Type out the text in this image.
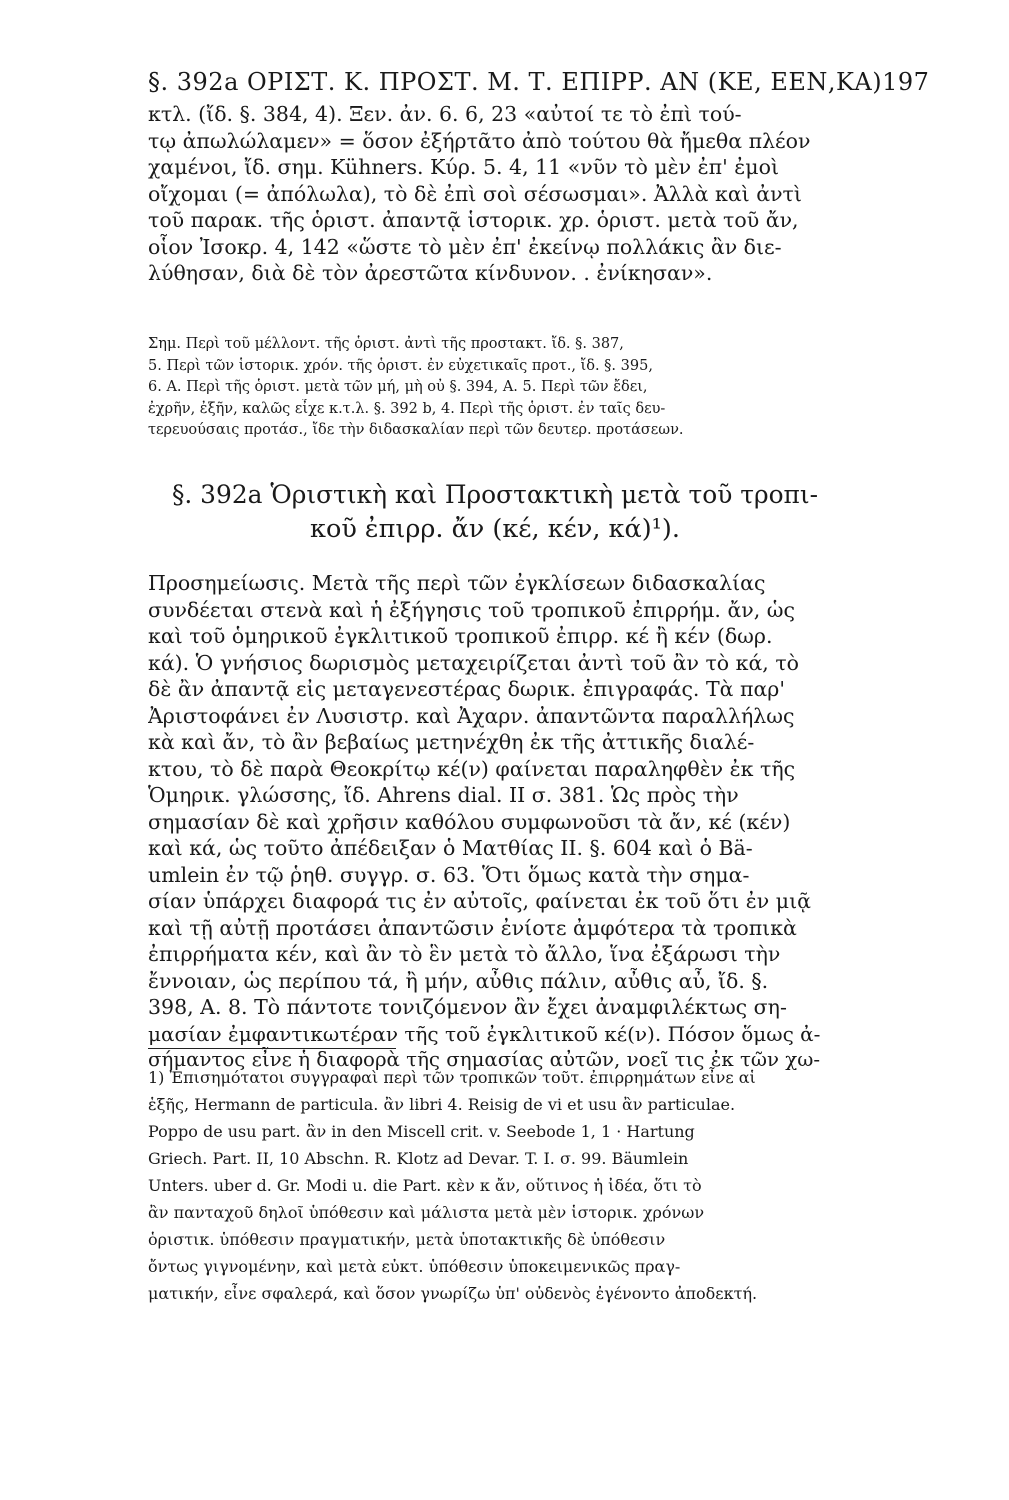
§. 392a ΟΡΙΣΤ. Κ. ΠΡΟΣΤ. Μ. Τ. ΕΠΙΡΡ. ΑΝ (ΚΕ, ΕΕΝ,ΚΑ) 197
κτλ. (ἴδ. §. 384, 4). Ξεν. ἀν. 6. 6, 23 «αὐτοί τε τὸ ἐπὶ τού-
τῳ ἀπωλώλαμεν» = ὅσον ἐξήρτᾶτο ἀπὸ τούτου θὰ ἤμεθα πλέον
χαμένοι, ἴδ. σημ. Kühners. Κύρ. 5. 4, 11 «νῦν τὸ μὲν ἐπ' ἐμοὶ
οἴχομαι (= ἀπόλωλα), τὸ δὲ ἐπὶ σοὶ σέσωσμαι». Ἀλλὰ καὶ ἀντὶ
τοῦ παρακ. τῆς ὁριστ. ἀπαντᾷ ἱστορικ. χρ. ὁριστ. μετὰ τοῦ ἄν,
οἷον Ἰσοκρ. 4, 142 «ὥστε τὸ μὲν ἐπ' ἐκείνῳ πολλάκις ἂν διε-
λύθησαν, διὰ δὲ τὸν ἀρεστῶτα κίνδυνον. . ἐνίκησαν».
Σημ. Περὶ τοῦ μέλλοντ. τῆς ὁριστ. ἀντὶ τῆς προστακτ. ἴδ. §. 387,
5. Περὶ τῶν ἱστορικ. χρόν. τῆς ὁριστ. ἐν εὐχετικαῖς προτ., ἴδ. §. 395,
6. Α. Περὶ τῆς ὁριστ. μετὰ τῶν μή, μὴ οὐ §. 394, Α. 5. Περὶ τῶν ἔδει,
ἐχρῆν, ἐξῆν, καλῶς εἶχε κ.τ.λ. §. 392 b, 4. Περὶ τῆς ὁριστ. ἐν ταῖς δευ-
τερευούσαις προτάσ., ἴδε τὴν διδασκαλίαν περὶ τῶν δευτερ. προτάσεων.
§. 392a Ὁριστικὴ καὶ Προστακτικὴ μετὰ τοῦ τροπι-
κοῦ ἐπιρρ. ἄν (κέ, κέν, κά)¹).
Προσημείωσις. Μετὰ τῆς περὶ τῶν ἐγκλίσεων διδασκαλίας
συνδέεται στενὰ καὶ ἡ ἐξήγησις τοῦ τροπικοῦ ἐπιρρήμ. ἄν, ὡς
καὶ τοῦ ὁμηρικοῦ ἐγκλιτικοῦ τροπικοῦ ἐπιρρ. κέ ἢ κέν (δωρ.
κά). Ὁ γνήσιος δωρισμὸς μεταχειρίζεται ἀντὶ τοῦ ἂν τὸ κά, τὸ
δὲ ἂν ἀπαντᾷ εἰς μεταγενεστέρας δωρικ. ἐπιγραφάς. Τὰ παρ'
Ἀριστοφάνει ἐν Λυσιστρ. καὶ Ἀχαρν. ἀπαντῶντα παραλλήλως
κὰ καὶ ἄν, τὸ ἂν βεβαίως μετηνέχθη ἐκ τῆς ἀττικῆς διαλέ-
κτου, τὸ δὲ παρὰ Θεοκρίτῳ κέ(ν) φαίνεται παραληφθὲν ἐκ τῆς
Ὁμηρικ. γλώσσης, ἴδ. Ahrens dial. II σ. 381. Ὡς πρὸς τὴν
σημασίαν δὲ καὶ χρῆσιν καθόλου συμφωνοῦσι τὰ ἄν, κέ (κέν)
καὶ κά, ὡς τοῦτο ἀπέδειξαν ὁ Ματθίας II. §. 604 καὶ ὁ Bä-
umlein ἐν τῷ ῥηθ. συγγρ. σ. 63. Ὅτι ὅμως κατὰ τὴν σημα-
σίαν ὑπάρχει διαφορά τις ἐν αὐτοῖς, φαίνεται ἐκ τοῦ ὅτι ἐν μιᾷ
καὶ τῇ αὐτῇ προτάσει ἀπαντῶσιν ἐνίοτε ἀμφότερα τὰ τροπικὰ
ἐπιρρήματα κέν, καὶ ἂν τὸ ἓν μετὰ τὸ ἄλλο, ἵνα ἐξάρωσι τὴν
ἔννοιαν, ὡς περίπου τά, ἢ μήν, αὖθις πάλιν, αὖθις αὖ, ἴδ. §.
398, Α. 8. Τὸ πάντοτε τονιζόμενον ἂν ἔχει ἀναμφιλέκτως ση-
μασίαν ἐμφαντικωτέραν τῆς τοῦ ἐγκλιτικοῦ κέ(ν). Πόσον ὅμως ἀ-
σήμαντος εἶνε ἡ διαφορὰ τῆς σημασίας αὐτῶν, νοεῖ τις ἐκ τῶν χω-
1) Ἐπισημότατοι συγγραφαὶ περὶ τῶν τροπικῶν τοῦτ. ἐπιρρημάτων εἶνε αἱ
ἑξῆς, Hermann de particula. ἂν libri 4. Reisig de vi et usu ἂν particulae.
Poppo de usu part. ἂν in den Miscell crit. v. Seebode 1, 1 · Hartung
Griech. Part. II, 10 Abschn. R. Klotz ad Devar. T. I. σ. 99. Bäumlein
Unters. uber d. Gr. Modi u. die Part. κὲν κ ἄν, οὕτινος ἡ ἰδέα, ὅτι τὸ
ἂν πανταχοῦ δηλοῖ ὑπόθεσιν καὶ μάλιστα μετὰ μὲν ἱστορικ. χρόνων
ὁριστικ. ὑπόθεσιν πραγματικήν, μετὰ ὑποτακτικῆς δὲ ὑπόθεσιν
ὄντως γιγνομένην, καὶ μετὰ εὐκτ. ὑπόθεσιν ὑποκειμενικῶς πραγ-
ματικήν, εἶνε σφαλερά, καὶ ὅσον γνωρίζω ὑπ' οὐδενὸς ἐγένοντο ἀποδεκτή.
